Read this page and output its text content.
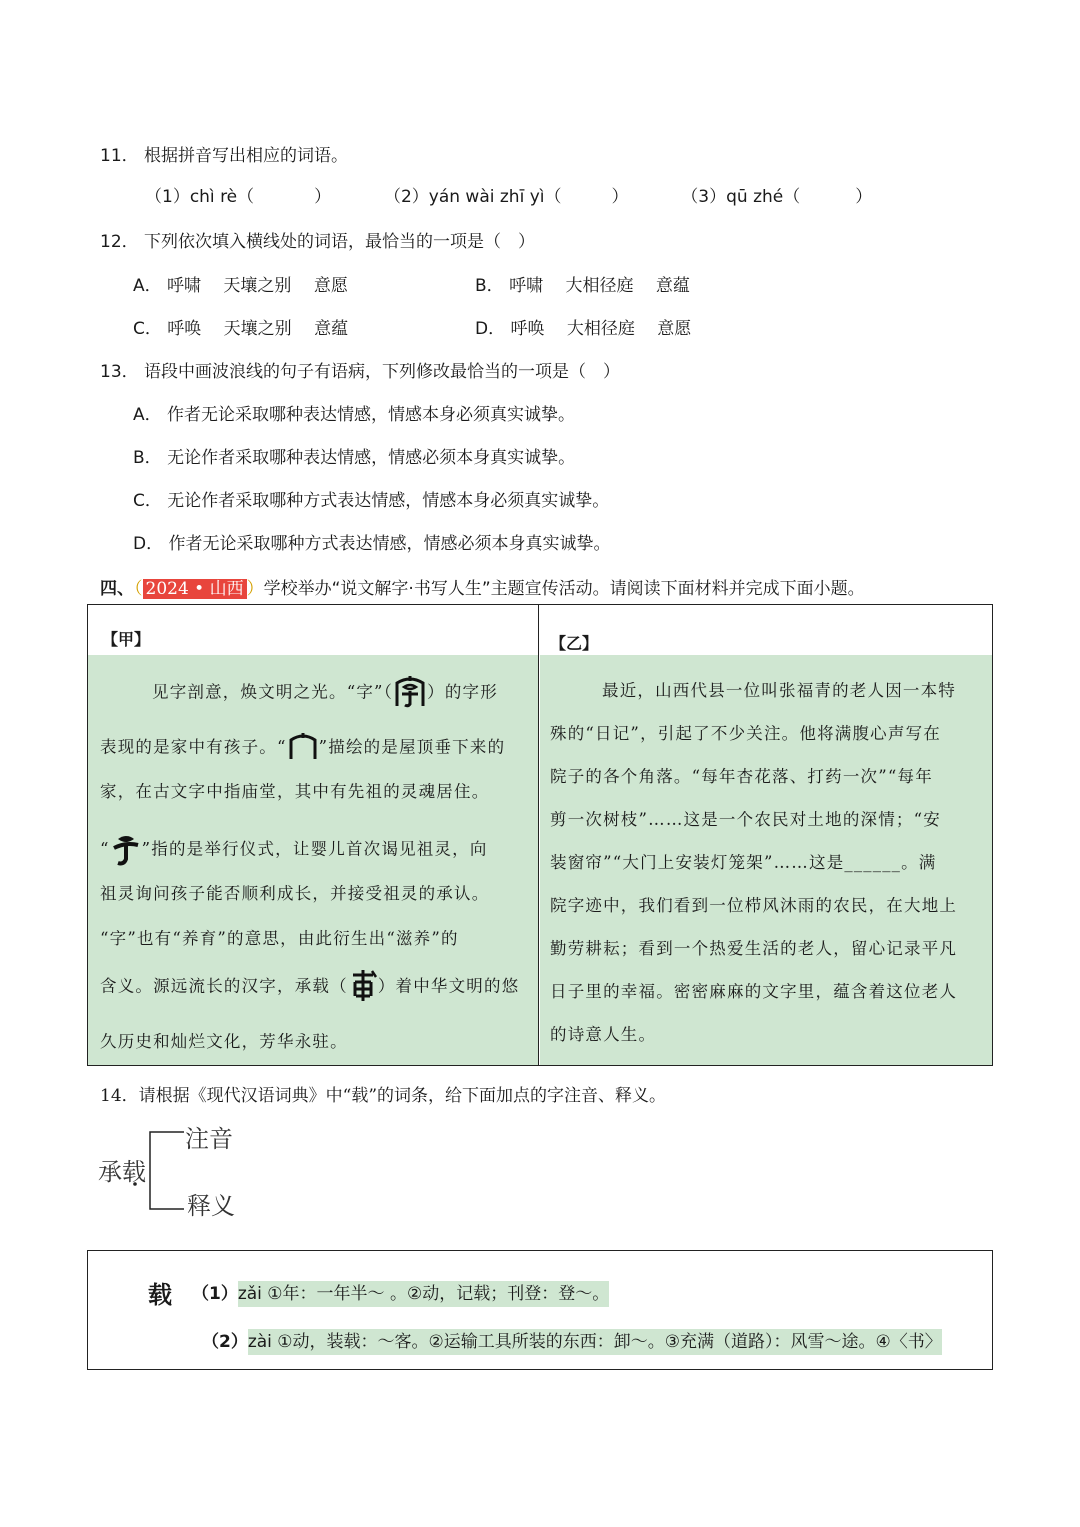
11． 根据拼音写出相应的词语。
（1）chì rè（	）	（2）yán wài zhī yì（	）	（3）qū zhé（	）
12． 下列依次填入横线处的词语，最恰当的一项是（　）
A． 呼啸　 天壤之别　 意愿	B． 呼啸　 大相径庭　 意蕴
C． 呼唤　 天壤之别　 意蕴	D． 呼唤　 大相径庭　 意愿
13． 语段中画波浪线的句子有语病，下列修改最恰当的一项是（　）
A． 作者无论采取哪种表达情感，情感本身必须真实诚挚。
B． 无论作者采取哪种表达情感，情感必须本身真实诚挚。
C． 无论作者采取哪种方式表达情感，情感本身必须真实诚挚。
D． 作者无论采取哪种方式表达情感，情感必须本身真实诚挚。
四、（ 2024 • 山西 ）学校举办“说文解字·书写人生”主题宣传活动。请阅读下面材料并完成下面小题。
【甲】	【乙】
见字剖意，焕文明之光。“字”（ ）的字形
表现的是家中有孩子。“ ”描绘的是屋顶垂下来的
家，在古文字中指庙堂，其中有先祖的灵魂居住。
“ ”指的是举行仪式，让婴儿首次谒见祖灵，向
祖灵询问孩子能否顺利成长，并接受祖灵的承认。
“字”也有“养育”的意思，由此衍生出“滋养”的
含义。源远流长的汉字，承载（ ）着中华文明的悠
久历史和灿烂文化，芳华永驻。
最近，山西代县一位叫张福青的老人因一本特
殊的“日记”，引起了不少关注。他将满腹心声写在
院子的各个角落。“每年杏花落、打药一次”“每年
剪一次树枝”……这是一个农民对土地的深情；“安
装窗帘”“大门上安装灯笼架”……这是______。满
院字迹中，我们看到一位栉风沐雨的农民，在大地上
勤劳耕耘；看到一个热爱生活的老人，留心记录平凡
日子里的幸福。密密麻麻的文字里，蕴含着这位老人
的诗意人生。
14．请根据《现代汉语词典》中“载”的词条，给下面加点的字注音、释义。
承载
注音
释义
载 （1）zǎi ①年：一年半～ 。②动，记载；刊登：登～。
（2）zài ①动，装载：～客。②运输工具所装的东西：卸～。③充满（道路）：风雪～途。④〈书〉
